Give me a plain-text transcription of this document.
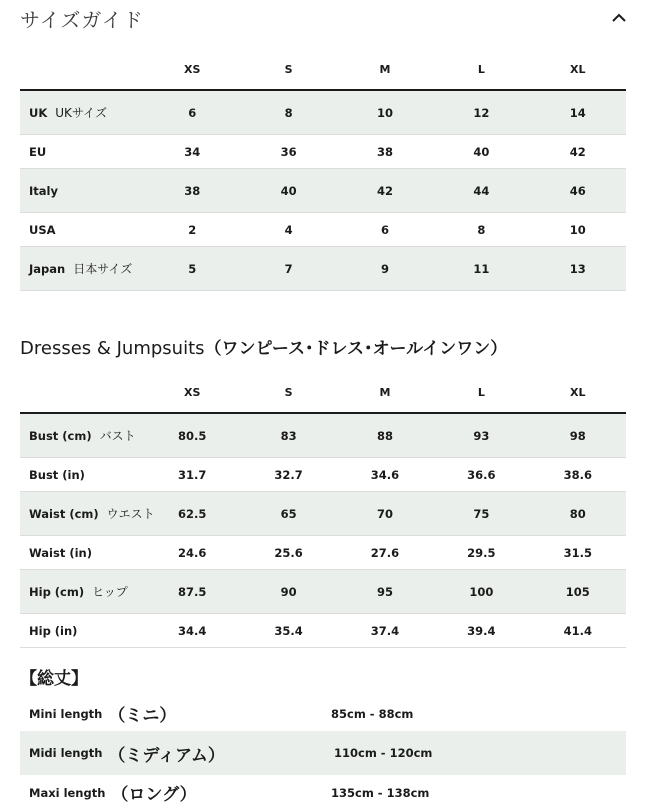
サイズガイド
	XS	S	M	L	XL
UK UKサイズ	6	8	10	12	14
EU	34	36	38	40	42
Italy	38	40	42	44	46
USA	2	4	6	8	10
Japan 日本サイズ	5	7	9	11	13
Dresses & Jumpsuits（ワンピース･ドレス･オールインワン）
	XS	S	M	L	XL
Bust (cm) バスト	80.5	83	88	93	98
Bust (in)	31.7	32.7	34.6	36.6	38.6
Waist (cm) ウエスト	62.5	65	70	75	80
Waist (in)	24.6	25.6	27.6	29.5	31.5
Hip (cm) ヒップ	87.5	90	95	100	105
Hip (in)	34.4	35.4	37.4	39.4	41.4
【総丈】
Mini length （ミニ）	85cm - 88cm
Midi length （ミディアム）	110cm - 120cm
Maxi length （ロング）	135cm - 138cm
